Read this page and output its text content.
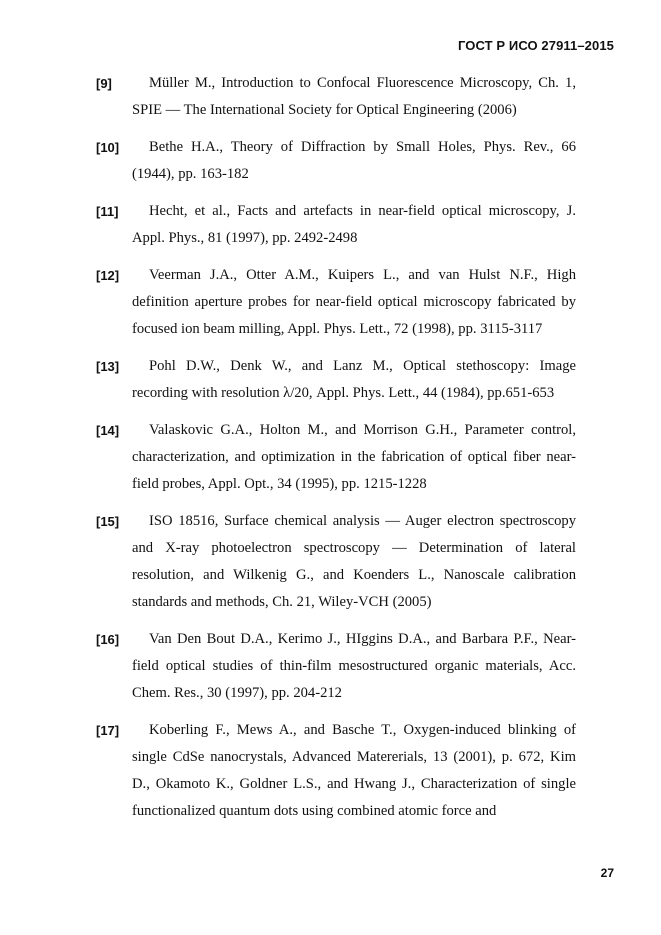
ГОСТ Р ИСО 27911–2015
[9]	Müller M., Introduction to Confocal Fluorescence Microscopy, Ch. 1, SPIE — The International Society for Optical Engineering (2006)
[10]	Bethe H.A., Theory of Diffraction by Small Holes, Phys. Rev., 66 (1944), pp. 163-182
[11]	Hecht, et al., Facts and artefacts in near-field optical microscopy, J. Appl. Phys., 81 (1997), pp. 2492-2498
[12]	Veerman J.A., Otter A.M., Kuipers L., and van Hulst N.F., High definition aperture probes for near-field optical microscopy fabricated by focused ion beam milling, Appl. Phys. Lett., 72 (1998), pp. 3115-3117
[13]	Pohl D.W., Denk W., and Lanz M., Optical stethoscopy: Image recording with resolution λ/20, Appl. Phys. Lett., 44 (1984), pp.651-653
[14]	Valaskovic G.A., Holton M., and Morrison G.H., Parameter control, characterization, and optimization in the fabrication of optical fiber near-field probes, Appl. Opt., 34 (1995), pp. 1215-1228
[15]	ISO 18516, Surface chemical analysis — Auger electron spectroscopy and X-ray photoelectron spectroscopy — Determination of lateral resolution, and Wilkenig G., and Koenders L., Nanoscale calibration standards and methods, Ch. 21, Wiley-VCH (2005)
[16]	Van Den Bout D.A., Kerimo J., HIggins D.A., and Barbara P.F., Near-field optical studies of thin-film mesostructured organic materials, Acc. Chem. Res., 30 (1997), pp. 204-212
[17]	Koberling F., Mews A., and Basche T., Oxygen-induced blinking of single CdSe nanocrystals, Advanced Matererials, 13 (2001), p. 672, Kim D., Okamoto K., Goldner L.S., and Hwang J., Characterization of single functionalized quantum dots using combined atomic force and
27
